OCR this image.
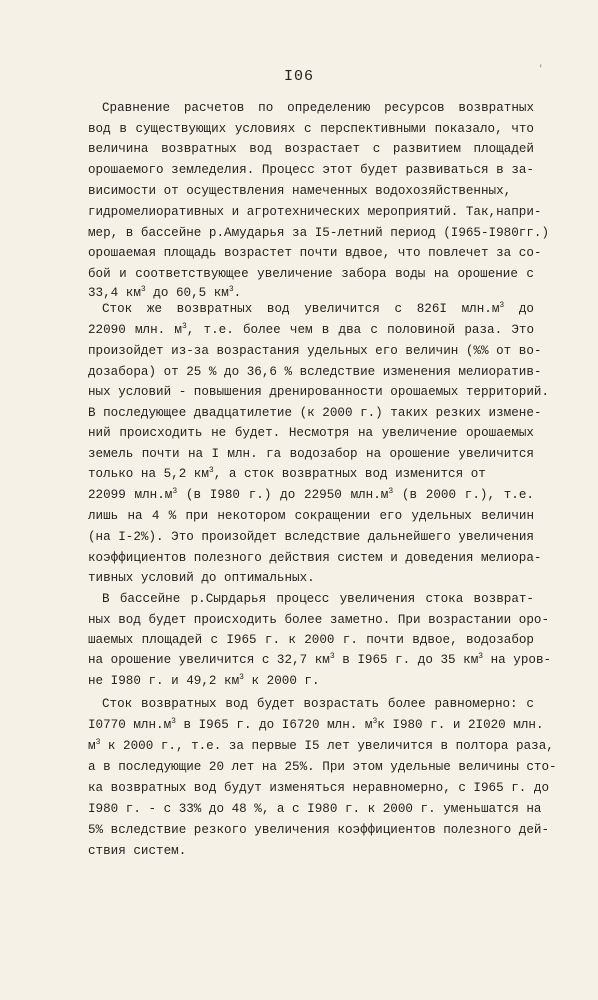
I06	'
Сравнение расчетов по определению ресурсов возвратных
вод в существующих условиях с перспективными показало, что
величина возвратных вод возрастает с развитием площадей
орошаемого земледелия. Процесс этот будет развиваться в за-
висимости от осуществления намеченных водохозяйственных,
гидромелиоративных и агротехнических мероприятий. Так,напри-
мер, в бассейне р.Амударья за I5-летний период (I965-I980гг.)
орошаемая площадь возрастет почти вдвое, что повлечет за со-
бой и соответствующее увеличение забора воды на орошение с
33,4 $км^3$ до 60,5 $км^3$.
Сток же возвратных вод увеличится с 826I $млн.м^3$ до
22090 млн. $м^3$, т.е. более чем в два с половиной раза. Это
произойдет из-за возрастания удельных его величин (%% от во-
дозабора) от 25 % до 36,6 % вследствие изменения мелиоратив-
ных условий - повышения дренированности орошаемых территорий.
В последующее двадцатилетие (к 2000 г.) таких резких измене-
ний происходить не будет. Несмотря на увеличение орошаемых
земель почти на I млн. га водозабор на орошение увеличится
только на 5,2 $км^3$, а сток возвратных вод изменится от
22099 $млн.м^3$ (в I980 г.) до 22950 $млн.м^3$ (в 2000 г.), т.е.
лишь на 4 % при некотором сокращении его удельных величин
(на I-2%). Это произойдет вследствие дальнейшего увеличения
коэффициентов полезного действия систем и доведения мелиора-
тивных условий до оптимальных.
В бассейне р.Сырдарья процесс увеличения стока возврат-
ных вод будет происходить более заметно. При возрастании оро-
шаемых площадей с I965 г. к 2000 г. почти вдвое, водозабор
на орошение увеличится с 32,7 $км^3$ в I965 г. до 35 $км^3$ на уров-
не I980 г. и 49,2 $км^3$ к 2000 г.
Сток возвратных вод будет возрастать более равномерно: с
I0770 $млн.м^3$ в I965 г. до I6720 млн. $м^3к$ I980 г. и 2I020 млн.
$м^3$ к 2000 г., т.е. за первые I5 лет увеличится в полтора раза,
а в последующие 20 лет на 25%. При этом удельные величины сто-
ка возвратных вод будут изменяться неравномерно, с I965 г. до
I980 г. - с 33% до 48 %, а с I980 г. к 2000 г. уменьшатся на
5% вследствие резкого увеличения коэффициентов полезного дей-
ствия систем.
